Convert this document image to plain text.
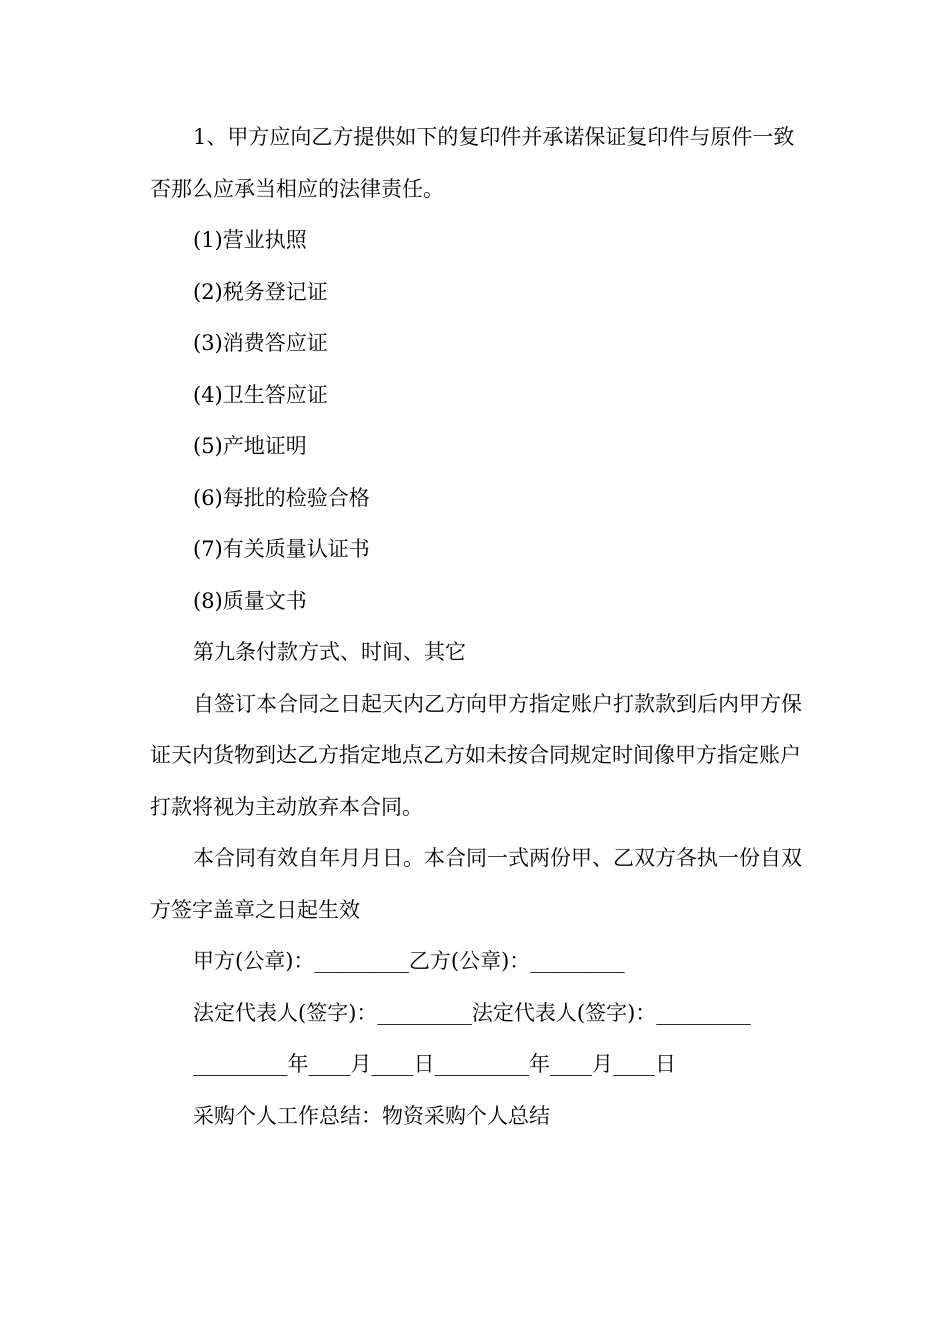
1、甲方应向乙方提供如下的复印件并承诺保证复印件与原件一致否那么应承当相应的法律责任。

(1)营业执照

(2)税务登记证

(3)消费答应证

(4)卫生答应证

(5)产地证明

(6)每批的检验合格

(7)有关质量认证书

(8)质量文书

第九条付款方式、时间、其它

自签订本合同之日起天内乙方向甲方指定账户打款款到后内甲方保证天内货物到达乙方指定地点乙方如未按合同规定时间像甲方指定账户打款将视为主动放弃本合同。

本合同有效自年月月日。本合同一式两份甲、乙双方各执一份自双方签字盖章之日起生效

甲方(公章)：_________乙方(公章)：_________

法定代表人(签字)：_________法定代表人(签字)：_________

_________年____月____日_________年____月____日

采购个人工作总结：物资采购个人总结
